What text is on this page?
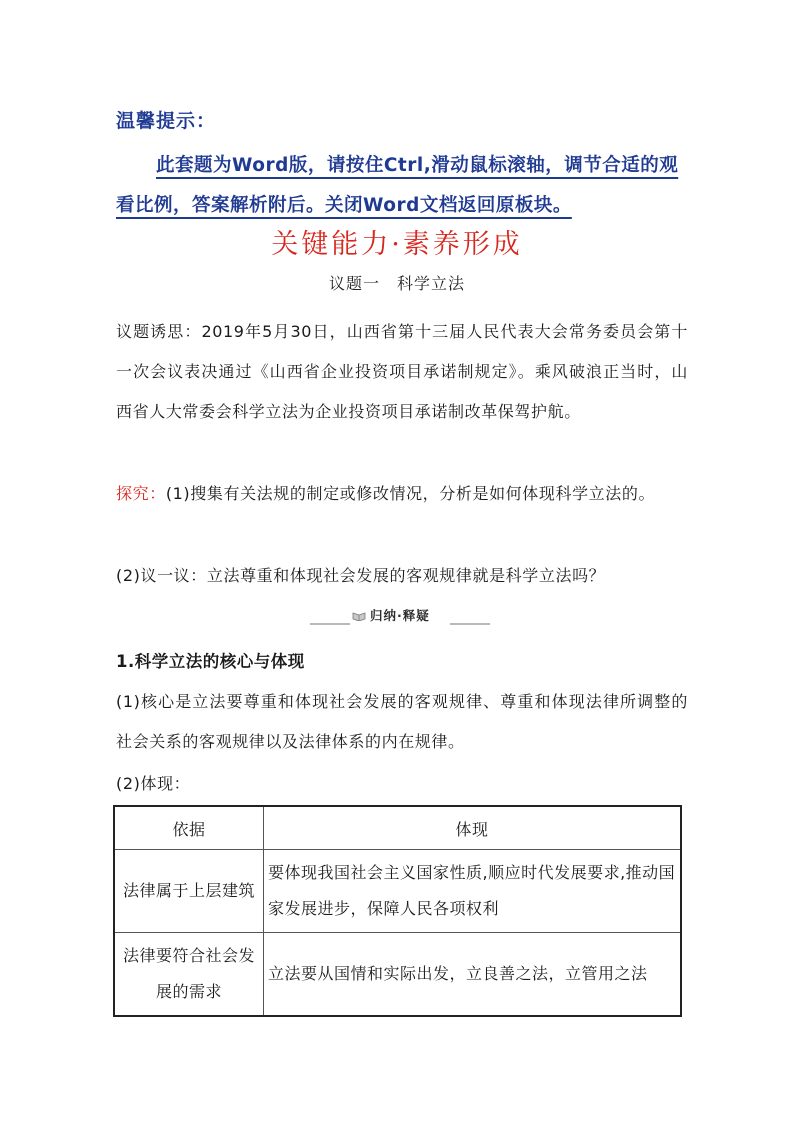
温馨提示：
此套题为Word版，请按住Ctrl,滑动鼠标滚轴，调节合适的观看比例，答案解析附后。关闭Word文档返回原板块。
关键能力·素养形成
议题一　科学立法
议题诱思：2019年5月30日，山西省第十三届人民代表大会常务委员会第十一次会议表决通过《山西省企业投资项目承诺制规定》。乘风破浪正当时，山西省人大常委会科学立法为企业投资项目承诺制改革保驾护航。
探究：(1)搜集有关法规的制定或修改情况，分析是如何体现科学立法的。
(2)议一议：立法尊重和体现社会发展的客观规律就是科学立法吗？
归纳·释疑
1.科学立法的核心与体现
(1)核心是立法要尊重和体现社会发展的客观规律、尊重和体现法律所调整的社会关系的客观规律以及法律体系的内在规律。
(2)体现：
依据	体现
法律属于上层建筑	要体现我国社会主义国家性质,顺应时代发展要求,推动国家发展进步，保障人民各项权利
法律要符合社会发展的需求	立法要从国情和实际出发，立良善之法，立管用之法
